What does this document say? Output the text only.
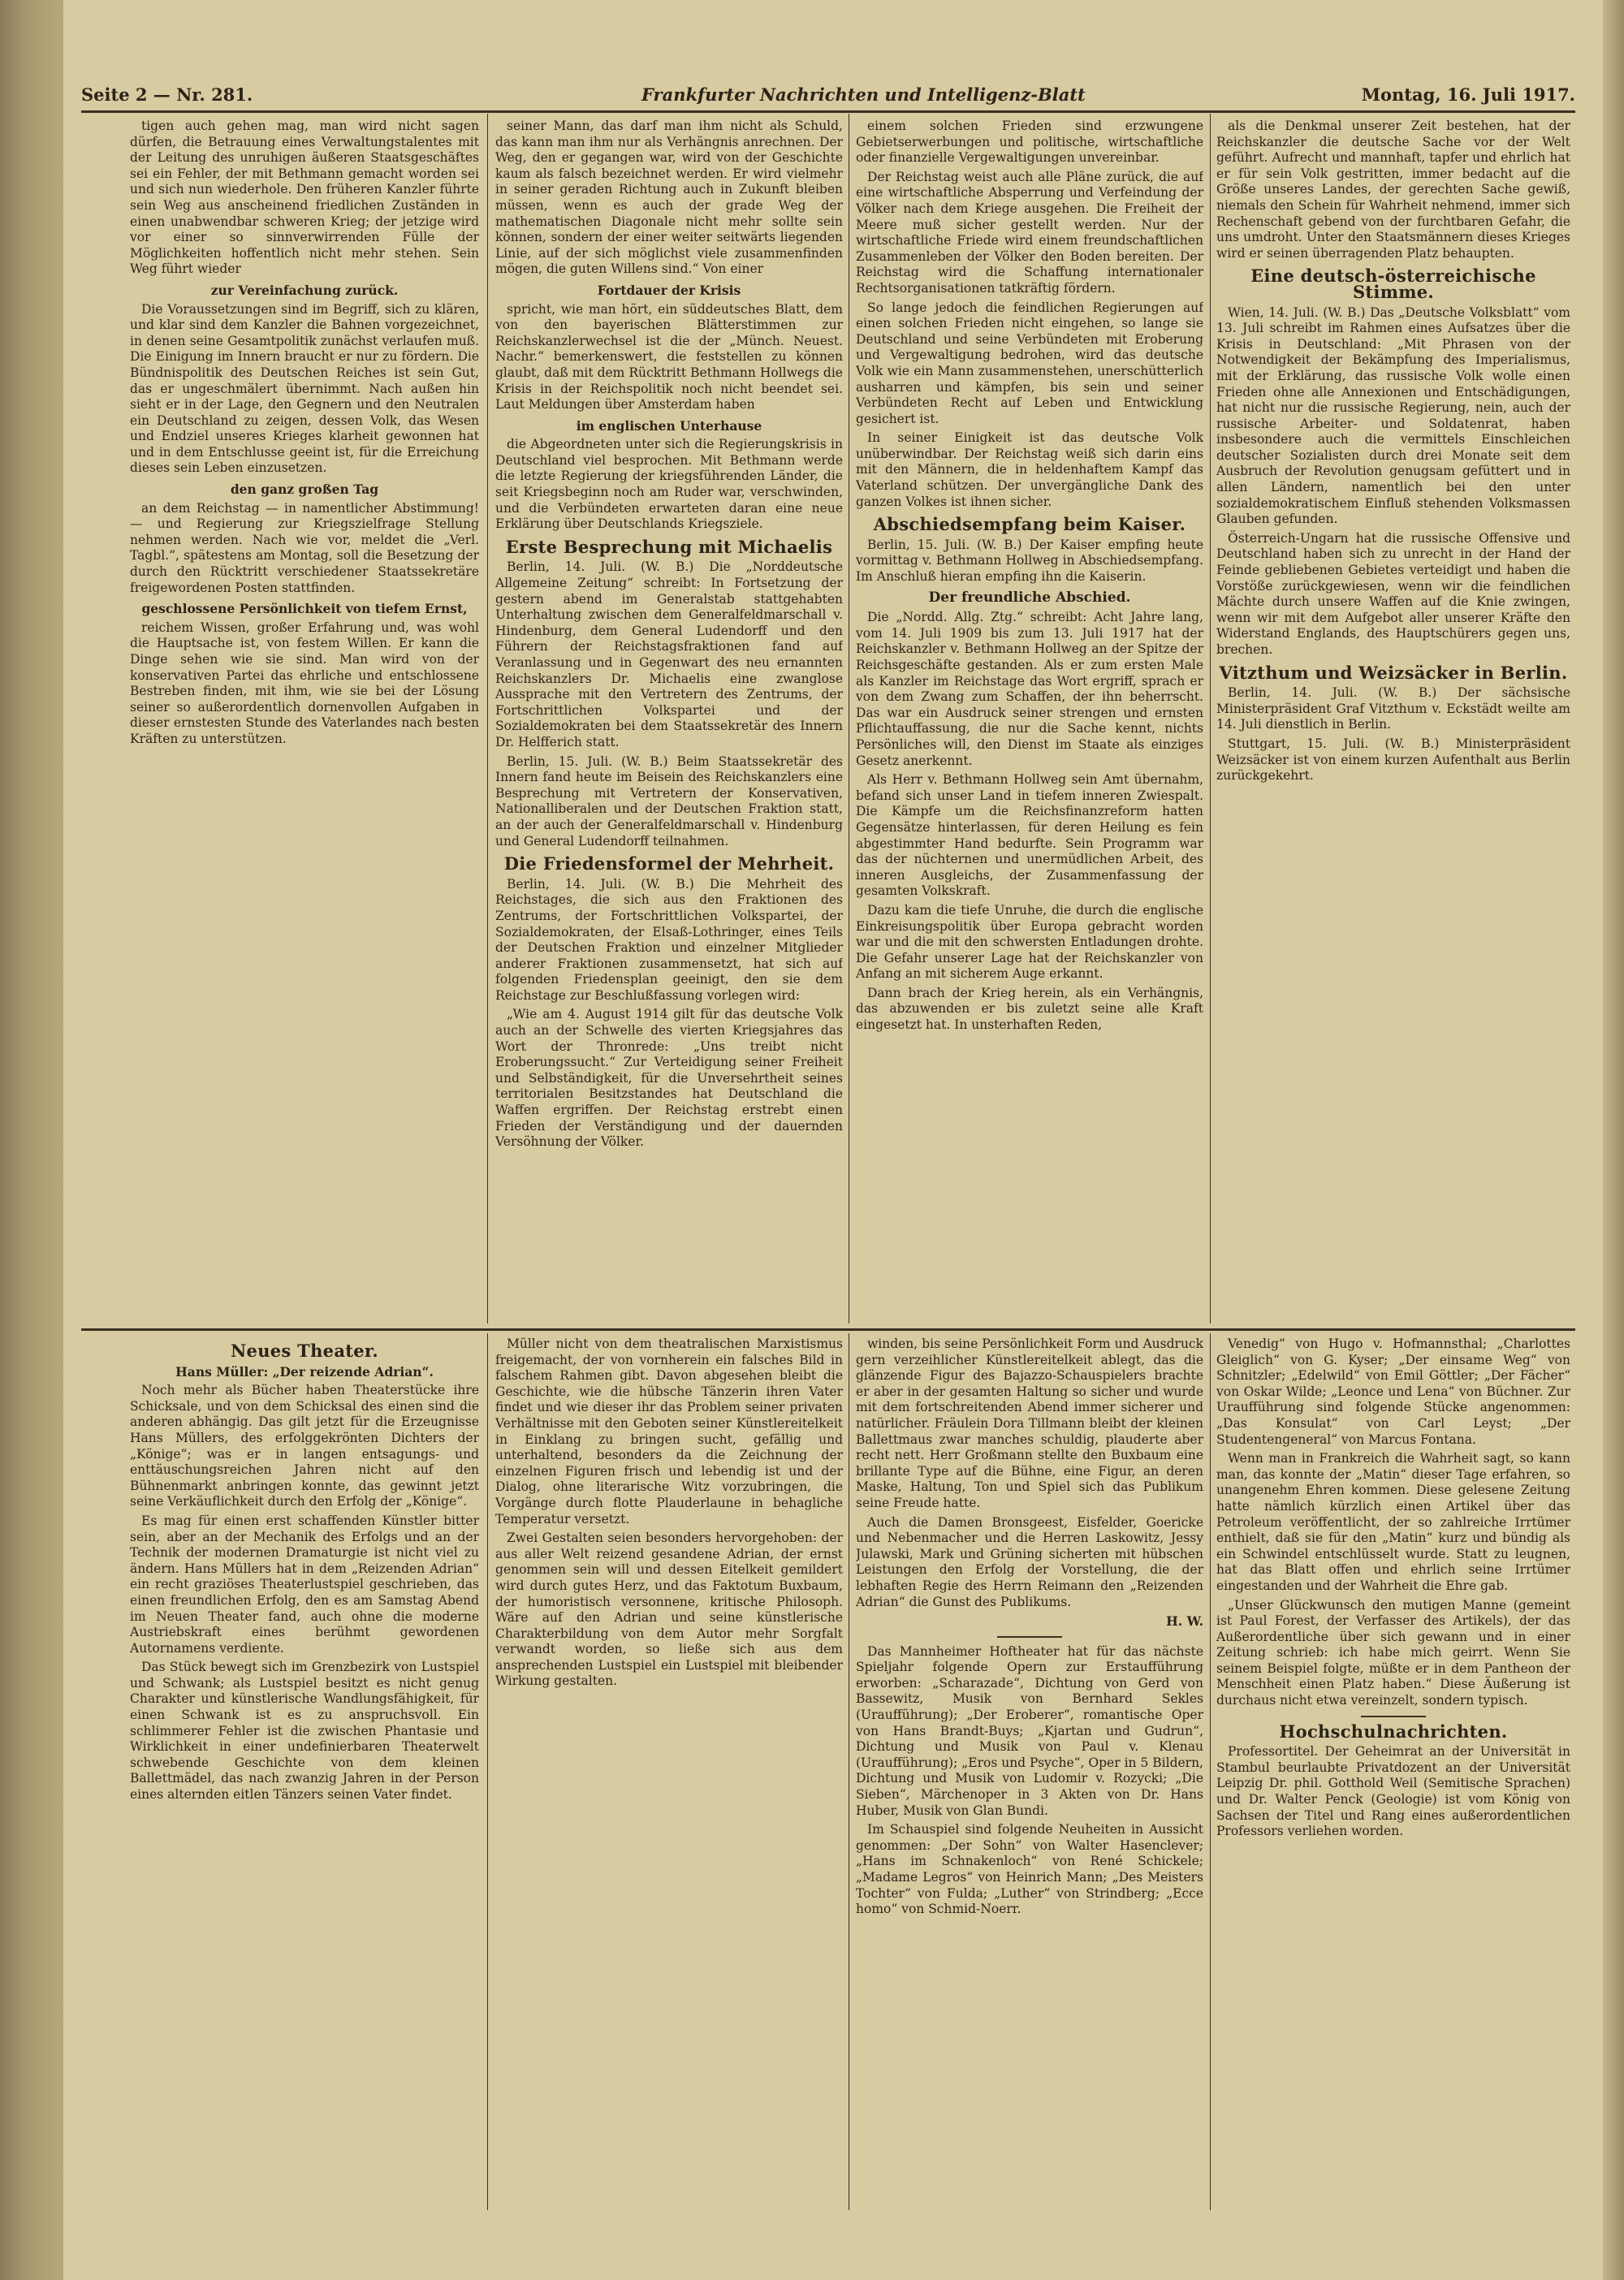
Seite 2 — Nr. 281.	Frankfurter Nachrichten und Intelligenz-Blatt	Montag, 16. Juli 1917.

tigen auch gehen mag, man wird nicht sagen dürfen, die Betrauung eines Verwaltungstalentes mit der Leitung des unruhigen äußeren Staatsgeschäftes sei ein Fehler, der mit Bethmann gemacht worden sei und sich nun wiederhole. Den früheren Kanzler führte sein Weg aus anscheinend friedlichen Zuständen in einen unabwendbar schweren Krieg; der jetzige wird vor einer so sinnverwirrenden Fülle der Möglichkeiten hoffentlich nicht mehr stehen. Sein Weg führt wieder

zur Vereinfachung zurück.

Die Voraussetzungen sind im Begriff, sich zu klären, und klar sind dem Kanzler die Bahnen vorgezeichnet, in denen seine Gesamtpolitik zunächst verlaufen muß. Die Einigung im Innern braucht er nur zu fördern. Die Bündnispolitik des Deutschen Reiches ist sein Gut, das er ungeschmälert übernimmt. Nach außen hin sieht er in der Lage, den Gegnern und den Neutralen ein Deutschland zu zeigen, dessen Volk, das Wesen und Endziel unseres Krieges klarheit gewonnen hat und in dem Entschlusse geeint ist, für die Erreichung dieses sein Leben einzusetzen.

den ganz großen Tag

an dem Reichstag — in namentlicher Abstimmung! — und Regierung zur Kriegszielfrage Stellung nehmen werden. Nach wie vor, meldet die „Verl. Tagbl.“, spätestens am Montag, soll die Besetzung der durch den Rücktritt verschiedener Staatssekretäre freigewordenen Posten stattfinden.

geschlossene Persönlichkeit von tiefem Ernst,

reichem Wissen, großer Erfahrung und, was wohl die Hauptsache ist, von festem Willen. Er kann die Dinge sehen wie sie sind. Man wird von der konservativen Partei das ehrliche und entschlossene Bestreben finden, mit ihm, wie sie bei der Lösung seiner so außerordentlich dornenvollen Aufgaben in dieser ernstesten Stunde des Vaterlandes nach besten Kräften zu unterstützen.

seiner Mann, das darf man ihm nicht als Schuld, das kann man ihm nur als Verhängnis anrechnen. Der Weg, den er gegangen war, wird von der Geschichte kaum als falsch bezeichnet werden. Er wird vielmehr in seiner geraden Richtung auch in Zukunft bleiben müssen, wenn es auch der grade Weg der mathematischen Diagonale nicht mehr sollte sein können, sondern der einer weiter seitwärts liegenden Linie, auf der sich möglichst viele zusammenfinden mögen, die guten Willens sind.“ Von einer

Fortdauer der Krisis

spricht, wie man hört, ein süddeutsches Blatt, dem von den bayerischen Blätterstimmen zur Reichskanzlerwechsel ist die der „Münch. Neuest. Nachr.“ bemerkenswert, die feststellen zu können glaubt, daß mit dem Rücktritt Bethmann Hollwegs die Krisis in der Reichspolitik noch nicht beendet sei. Laut Meldungen über Amsterdam haben

im englischen Unterhause

die Abgeordneten unter sich die Regierungskrisis in Deutschland viel besprochen. Mit Bethmann werde die letzte Regierung der kriegsführenden Länder, die seit Kriegsbeginn noch am Ruder war, verschwinden, und die Verbündeten erwarteten daran eine neue Erklärung über Deutschlands Kriegsziele.

Erste Besprechung mit Michaelis

Berlin, 14. Juli. (W. B.) Die „Norddeutsche Allgemeine Zeitung“ schreibt: In Fortsetzung der gestern abend im Generalstab stattgehabten Unterhaltung zwischen dem Generalfeldmarschall v. Hindenburg, dem General Ludendorff und den Führern der Reichstagsfraktionen fand auf Veranlassung und in Gegenwart des neu ernannten Reichskanzlers Dr. Michaelis eine zwanglose Aussprache mit den Vertretern des Zentrums, der Fortschrittlichen Volkspartei und der Sozialdemokraten bei dem Staatssekretär des Innern Dr. Helfferich statt.

Berlin, 15. Juli. (W. B.) Beim Staatssekretär des Innern fand heute im Beisein des Reichskanzlers eine Besprechung mit Vertretern der Konservativen, Nationalliberalen und der Deutschen Fraktion statt, an der auch der Generalfeldmarschall v. Hindenburg und General Ludendorff teilnahmen.

Die Friedensformel der Mehrheit.

Berlin, 14. Juli. (W. B.) Die Mehrheit des Reichstages, die sich aus den Fraktionen des Zentrums, der Fortschrittlichen Volkspartei, der Sozialdemokraten, der Elsaß-Lothringer, eines Teils der Deutschen Fraktion und einzelner Mitglieder anderer Fraktionen zusammensetzt, hat sich auf folgenden Friedensplan geeinigt, den sie dem Reichstage zur Beschlußfassung vorlegen wird:

„Wie am 4. August 1914 gilt für das deutsche Volk auch an der Schwelle des vierten Kriegsjahres das Wort der Thronrede: „Uns treibt nicht Eroberungssucht.“ Zur Verteidigung seiner Freiheit und Selbständigkeit, für die Unversehrtheit seines territorialen Besitzstandes hat Deutschland die Waffen ergriffen. Der Reichstag erstrebt einen Frieden der Verständigung und der dauernden Versöhnung der Völker.

einem solchen Frieden sind erzwungene Gebietserwerbungen und politische, wirtschaftliche oder finanzielle Vergewaltigungen unvereinbar.

Der Reichstag weist auch alle Pläne zurück, die auf eine wirtschaftliche Absperrung und Verfeindung der Völker nach dem Kriege ausgehen. Die Freiheit der Meere muß sicher gestellt werden. Nur der wirtschaftliche Friede wird einem freundschaftlichen Zusammenleben der Völker den Boden bereiten. Der Reichstag wird die Schaffung internationaler Rechtsorganisationen tatkräftig fördern.

So lange jedoch die feindlichen Regierungen auf einen solchen Frieden nicht eingehen, so lange sie Deutschland und seine Verbündeten mit Eroberung und Vergewaltigung bedrohen, wird das deutsche Volk wie ein Mann zusammenstehen, unerschütterlich ausharren und kämpfen, bis sein und seiner Verbündeten Recht auf Leben und Entwicklung gesichert ist.

In seiner Einigkeit ist das deutsche Volk unüberwindbar. Der Reichstag weiß sich darin eins mit den Männern, die in heldenhaftem Kampf das Vaterland schützen. Der unvergängliche Dank des ganzen Volkes ist ihnen sicher.

Abschiedsempfang beim Kaiser.

Berlin, 15. Juli. (W. B.) Der Kaiser empfing heute vormittag v. Bethmann Hollweg in Abschiedsempfang. Im Anschluß hieran empfing ihn die Kaiserin.

Der freundliche Abschied.

Die „Nordd. Allg. Ztg.“ schreibt: Acht Jahre lang, vom 14. Juli 1909 bis zum 13. Juli 1917 hat der Reichskanzler v. Bethmann Hollweg an der Spitze der Reichsgeschäfte gestanden. Als er zum ersten Male als Kanzler im Reichstage das Wort ergriff, sprach er von dem Zwang zum Schaffen, der ihn beherrscht. Das war ein Ausdruck seiner strengen und ernsten Pflichtauffassung, die nur die Sache kennt, nichts Persönliches will, den Dienst im Staate als einziges Gesetz anerkennt.

Als Herr v. Bethmann Hollweg sein Amt übernahm, befand sich unser Land in tiefem inneren Zwiespalt. Die Kämpfe um die Reichsfinanzreform hatten Gegensätze hinterlassen, für deren Heilung es fein abgestimmter Hand bedurfte. Sein Programm war das der nüchternen und unermüdlichen Arbeit, des inneren Ausgleichs, der Zusammenfassung der gesamten Volkskraft.

Dazu kam die tiefe Unruhe, die durch die englische Einkreisungspolitik über Europa gebracht worden war und die mit den schwersten Entladungen drohte. Die Gefahr unserer Lage hat der Reichskanzler von Anfang an mit sicherem Auge erkannt.

Dann brach der Krieg herein, als ein Verhängnis, das abzuwenden er bis zuletzt seine alle Kraft eingesetzt hat. In unsterhaften Reden,

als die Denkmal unserer Zeit bestehen, hat der Reichskanzler die deutsche Sache vor der Welt geführt. Aufrecht und mannhaft, tapfer und ehrlich hat er für sein Volk gestritten, immer bedacht auf die Größe unseres Landes, der gerechten Sache gewiß, niemals den Schein für Wahrheit nehmend, immer sich Rechenschaft gebend von der furchtbaren Gefahr, die uns umdroht. Unter den Staatsmännern dieses Krieges wird er seinen überragenden Platz behaupten.

Eine deutsch-österreichische Stimme.

Wien, 14. Juli. (W. B.) Das „Deutsche Volksblatt“ vom 13. Juli schreibt im Rahmen eines Aufsatzes über die Krisis in Deutschland: „Mit Phrasen von der Notwendigkeit der Bekämpfung des Imperialismus, mit der Erklärung, das russische Volk wolle einen Frieden ohne alle Annexionen und Entschädigungen, hat nicht nur die russische Regierung, nein, auch der russische Arbeiter- und Soldatenrat, haben insbesondere auch die vermittels Einschleichen deutscher Sozialisten durch drei Monate seit dem Ausbruch der Revolution genugsam gefüttert und in allen Ländern, namentlich bei den unter sozialdemokratischem Einfluß stehenden Volksmassen Glauben gefunden.

Österreich-Ungarn hat die russische Offensive und Deutschland haben sich zu unrecht in der Hand der Feinde gebliebenen Gebietes verteidigt und haben die Vorstöße zurückgewiesen, wenn wir die feindlichen Mächte durch unsere Waffen auf die Knie zwingen, wenn wir mit dem Aufgebot aller unserer Kräfte den Widerstand Englands, des Hauptschürers gegen uns, brechen.

Vitzthum und Weizsäcker in Berlin.

Berlin, 14. Juli. (W. B.) Der sächsische Ministerpräsident Graf Vitzthum v. Eckstädt weilte am 14. Juli dienstlich in Berlin.

Stuttgart, 15. Juli. (W. B.) Ministerpräsident Weizsäcker ist von einem kurzen Aufenthalt aus Berlin zurückgekehrt.

Neues Theater.
Hans Müller: „Der reizende Adrian“.

Noch mehr als Bücher haben Theaterstücke ihre Schicksale, und von dem Schicksal des einen sind die anderen abhängig. Das gilt jetzt für die Erzeugnisse Hans Müllers, des erfolggekrönten Dichters der „Könige“; was er in langen entsagungs- und enttäuschungsreichen Jahren nicht auf den Bühnenmarkt anbringen konnte, das gewinnt jetzt seine Verkäuflichkeit durch den Erfolg der „Könige“.

Es mag für einen erst schaffenden Künstler bitter sein, aber an der Mechanik des Erfolgs und an der Technik der modernen Dramaturgie ist nicht viel zu ändern. Hans Müllers hat in dem „Reizenden Adrian“ ein recht graziöses Theaterlustspiel geschrieben, das einen freundlichen Erfolg, den es am Samstag Abend im Neuen Theater fand, auch ohne die moderne Austriebskraft eines berühmt gewordenen Autornamens verdiente.

Das Stück bewegt sich im Grenzbezirk von Lustspiel und Schwank; als Lustspiel besitzt es nicht genug Charakter und künstlerische Wandlungsfähigkeit, für einen Schwank ist es zu anspruchsvoll. Ein schlimmerer Fehler ist die zwischen Phantasie und Wirklichkeit in einer undefinierbaren Theaterwelt schwebende Geschichte von dem kleinen Ballettmädel, das nach zwanzig Jahren in der Person eines alternden eitlen Tänzers seinen Vater findet.

Müller nicht von dem theatralischen Marxistismus freigemacht, der von vornherein ein falsches Bild in falschem Rahmen gibt. Davon abgesehen bleibt die Geschichte, wie die hübsche Tänzerin ihren Vater findet und wie dieser ihr das Problem seiner privaten Verhältnisse mit den Geboten seiner Künstlereitelkeit in Einklang zu bringen sucht, gefällig und unterhaltend, besonders da die Zeichnung der einzelnen Figuren frisch und lebendig ist und der Dialog, ohne literarische Witz vorzubringen, die Vorgänge durch flotte Plauderlaune in behagliche Temperatur versetzt.

Zwei Gestalten seien besonders hervorgehoben: der aus aller Welt reizend gesandene Adrian, der ernst genommen sein will und dessen Eitelkeit gemildert wird durch gutes Herz, und das Faktotum Buxbaum, der humoristisch versonnene, kritische Philosoph. Wäre auf den Adrian und seine künstlerische Charakterbildung von dem Autor mehr Sorgfalt verwandt worden, so ließe sich aus dem ansprechenden Lustspiel ein Lustspiel mit bleibender Wirkung gestalten.

winden, bis seine Persönlichkeit Form und Ausdruck gern verzeihlicher Künstlereitelkeit ablegt, das die glänzende Figur des Bajazzo-Schauspielers brachte er aber in der gesamten Haltung so sicher und wurde mit dem fortschreitenden Abend immer sicherer und natürlicher. Fräulein Dora Tillmann bleibt der kleinen Ballettmaus zwar manches schuldig, plauderte aber recht nett. Herr Großmann stellte den Buxbaum eine brillante Type auf die Bühne, eine Figur, an deren Maske, Haltung, Ton und Spiel sich das Publikum seine Freude hatte.

Auch die Damen Bronsgeest, Eisfelder, Goericke und Nebenmacher und die Herren Laskowitz, Jessy Julawski, Mark und Grüning sicherten mit hübschen Leistungen den Erfolg der Vorstellung, die der lebhaften Regie des Herrn Reimann den „Reizenden Adrian“ die Gunst des Publikums.

H. W.

Das Mannheimer Hoftheater hat für das nächste Spieljahr folgende Opern zur Erstaufführung erworben: „Scharazade“, Dichtung von Gerd von Bassewitz, Musik von Bernhard Sekles (Uraufführung); „Der Eroberer“, romantische Oper von Hans Brandt-Buys; „Kjartan und Gudrun“, Dichtung und Musik von Paul v. Klenau (Uraufführung); „Eros und Psyche“, Oper in 5 Bildern, Dichtung und Musik von Ludomir v. Rozycki; „Die Sieben“, Märchenoper in 3 Akten von Dr. Hans Huber, Musik von Glan Bundi.

Im Schauspiel sind folgende Neuheiten in Aussicht genommen: „Der Sohn“ von Walter Hasenclever; „Hans im Schnakenloch“ von René Schickele; „Madame Legros“ von Heinrich Mann; „Des Meisters Tochter“ von Fulda; „Luther“ von Strindberg; „Ecce homo“ von Schmid-Noerr.

Venedig“ von Hugo v. Hofmannsthal; „Charlottes Gleiglich“ von G. Kyser; „Der einsame Weg“ von Schnitzler; „Edelwild“ von Emil Göttler; „Der Fächer“ von Oskar Wilde; „Leonce und Lena“ von Büchner. Zur Uraufführung sind folgende Stücke angenommen: „Das Konsulat“ von Carl Leyst; „Der Studentengeneral“ von Marcus Fontana.

Wenn man in Frankreich die Wahrheit sagt, so kann man, das konnte der „Matin“ dieser Tage erfahren, so unangenehm Ehren kommen. Diese gelesene Zeitung hatte nämlich kürzlich einen Artikel über das Petroleum veröffentlicht, der so zahlreiche Irrtümer enthielt, daß sie für den „Matin“ kurz und bündig als ein Schwindel entschlüsselt wurde. Statt zu leugnen, hat das Blatt offen und ehrlich seine Irrtümer eingestanden und der Wahrheit die Ehre gab.

„Unser Glückwunsch den mutigen Manne (gemeint ist Paul Forest, der Verfasser des Artikels), der das Außerordentliche über sich gewann und in einer Zeitung schrieb: ich habe mich geirrt. Wenn Sie seinem Beispiel folgte, müßte er in dem Pantheon der Menschheit einen Platz haben.“ Diese Äußerung ist durchaus nicht etwa vereinzelt, sondern typisch.

Hochschulnachrichten.

Professortitel. Der Geheimrat an der Universität in Stambul beurlaubte Privatdozent an der Universität Leipzig Dr. phil. Gotthold Weil (Semitische Sprachen) und Dr. Walter Penck (Geologie) ist vom König von Sachsen der Titel und Rang eines außerordentlichen Professors verliehen worden.
